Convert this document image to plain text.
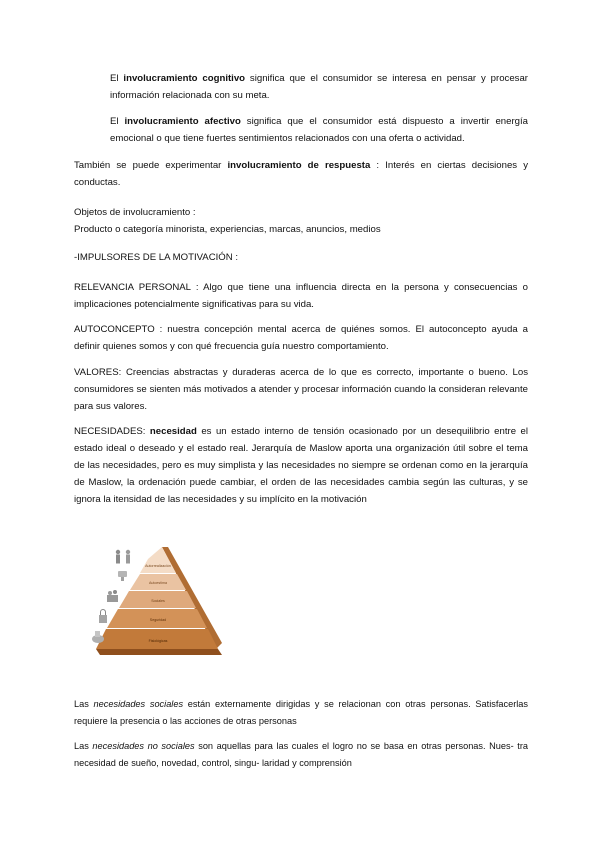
El involucramiento cognitivo significa que el consumidor se interesa en pensar y procesar información relacionada con su meta.

El involucramiento afectivo significa que el consumidor está dispuesto a invertir energía emocional o que tiene fuertes sentimientos relacionados con una oferta o actividad.

También se puede experimentar involucramiento de respuesta : Interés en ciertas decisiones y conductas.

Objetos de involucramiento :
Producto o categoría minorista, experiencias, marcas, anuncios, medios

-IMPULSORES DE LA MOTIVACIÓN :

RELEVANCIA PERSONAL : Algo que tiene una influencia directa en la persona y consecuencias o implicaciones potencialmente significativas para su vida.

AUTOCONCEPTO : nuestra concepción mental acerca de quiénes somos. El autoconcepto ayuda a definir quienes somos y con qué frecuencia guía nuestro comportamiento.

VALORES: Creencias abstractas y duraderas acerca de lo que es correcto, importante o bueno. Los consumidores se sienten más motivados a atender y procesar información cuando la consideran relevante para sus valores.

NECESIDADES: necesidad es un estado interno de tensión ocasionado por un desequilibrio entre el estado ideal o deseado y el estado real. Jerarquía de Maslow aporta una organización útil sobre el tema de las necesidades, pero es muy simplista y las necesidades no siempre se ordenan como en la jerarquía de Maslow, la ordenación puede cambiar, el orden de las necesidades cambia según las culturas, y se ignora la itensidad de las necesidades y su implícito en la motivación

Autorrealización
Autoestima
Sociales
Seguridad
Fisiológicas

Las necesidades sociales están externamente dirigidas y se relacionan con otras personas. Satisfacerlas requiere la presencia o las acciones de otras personas

Las necesidades no sociales son aquellas para las cuales el logro no se basa en otras personas. Nues- tra necesidad de sueño, novedad, control, singu- laridad y comprensión
